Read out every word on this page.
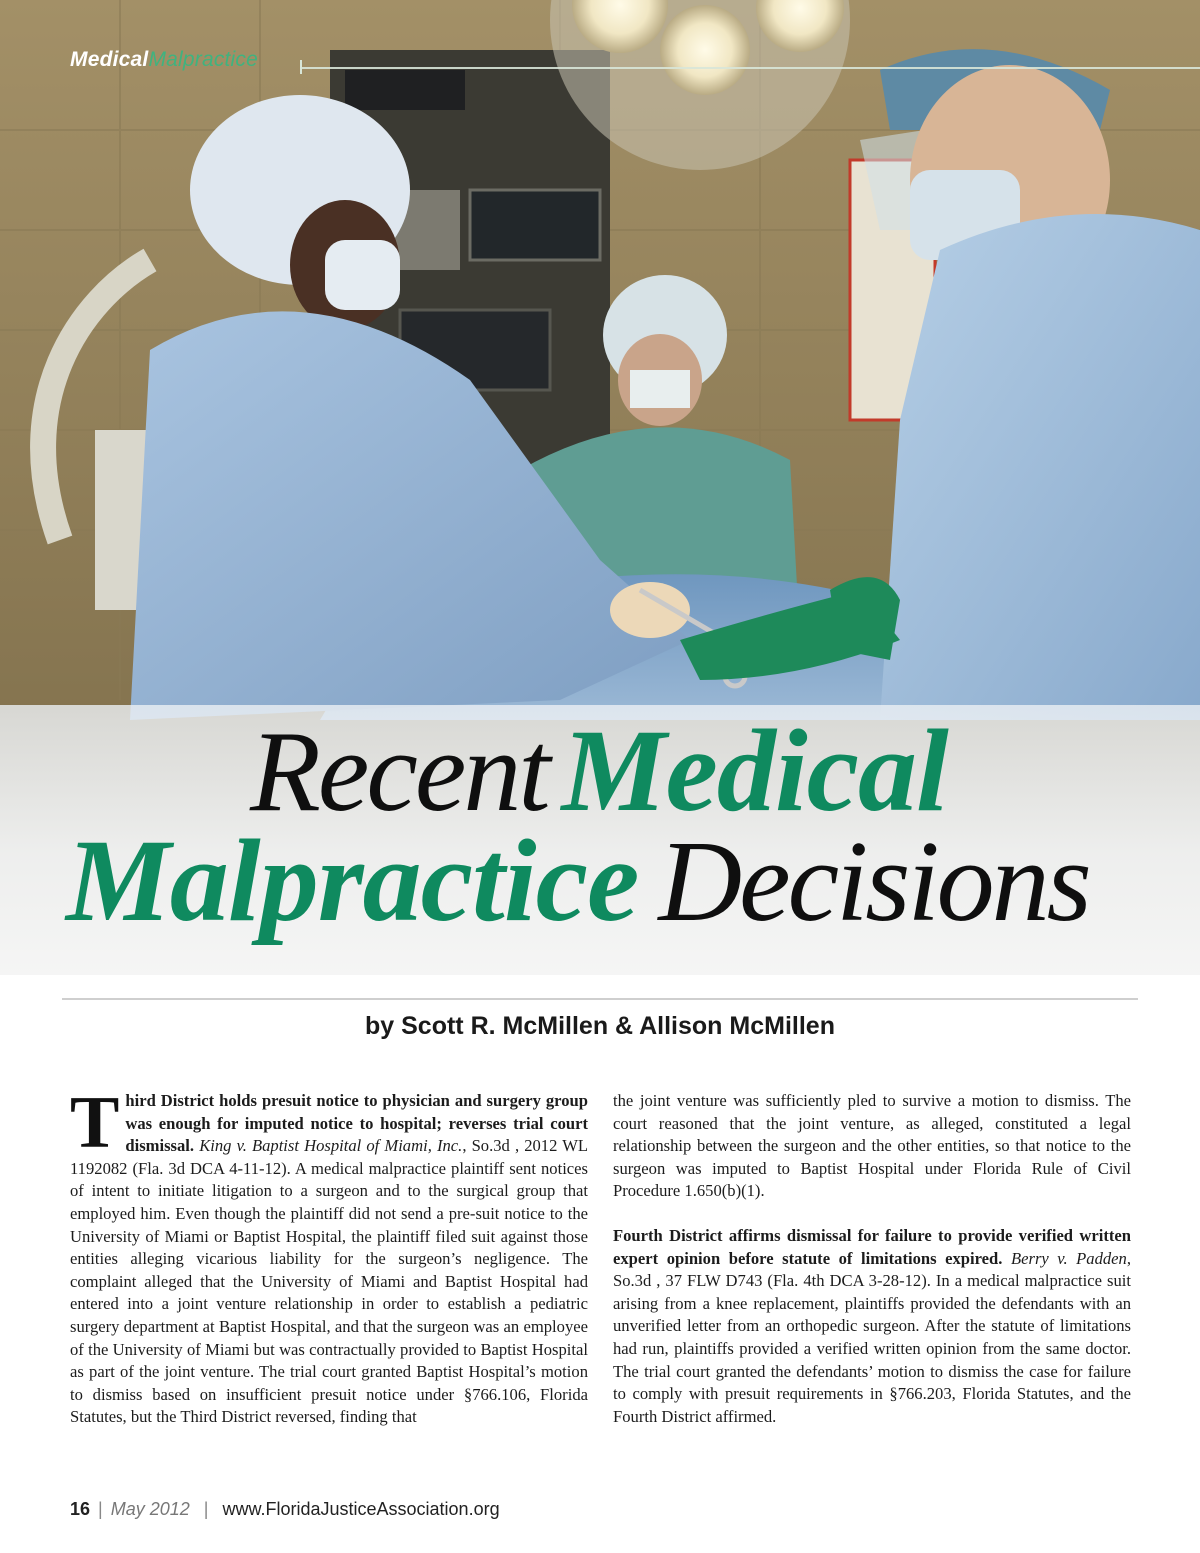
MedicalMalpractice
Recent Medical
Malpractice Decisions
by Scott R. McMillen & Allison McMillen

Third District holds presuit notice to physician and surgery group was enough for imputed notice to hospital; reverses trial court dismissal. King v. Baptist Hospital of Miami, Inc., So.3d , 2012 WL 1192082 (Fla. 3d DCA 4-11-12). A medical malpractice plaintiff sent notices of intent to initiate litigation to a surgeon and to the surgical group that employed him. Even though the plaintiff did not send a pre-suit notice to the University of Miami or Baptist Hospital, the plaintiff filed suit against those entities alleging vicarious liability for the surgeon’s negligence. The complaint alleged that the University of Miami and Baptist Hospital had entered into a joint venture relationship in order to establish a pediatric surgery department at Baptist Hospital, and that the surgeon was an employee of the University of Miami but was contractually provided to Baptist Hospital as part of the joint venture. The trial court granted Baptist Hospital’s motion to dismiss based on insufficient presuit notice under §766.106, Florida Statutes, but the Third District reversed, finding that

the joint venture was sufficiently pled to survive a motion to dismiss. The court reasoned that the joint venture, as alleged, constituted a legal relationship between the surgeon and the other entities, so that notice to the surgeon was imputed to Baptist Hospital under Florida Rule of Civil Procedure 1.650(b)(1).

Fourth District affirms dismissal for failure to provide verified written expert opinion before statute of limitations expired. Berry v. Padden, So.3d , 37 FLW D743 (Fla. 4th DCA 3-28-12). In a medical malpractice suit arising from a knee replacement, plaintiffs provided the defendants with an unverified letter from an orthopedic surgeon. After the statute of limitations had run, plaintiffs provided a verified written opinion from the same doctor. The trial court granted the defendants’ motion to dismiss the case for failure to comply with presuit requirements in §766.203, Florida Statutes, and the Fourth District affirmed.

16 | May 2012 | www.FloridaJusticeAssociation.org
